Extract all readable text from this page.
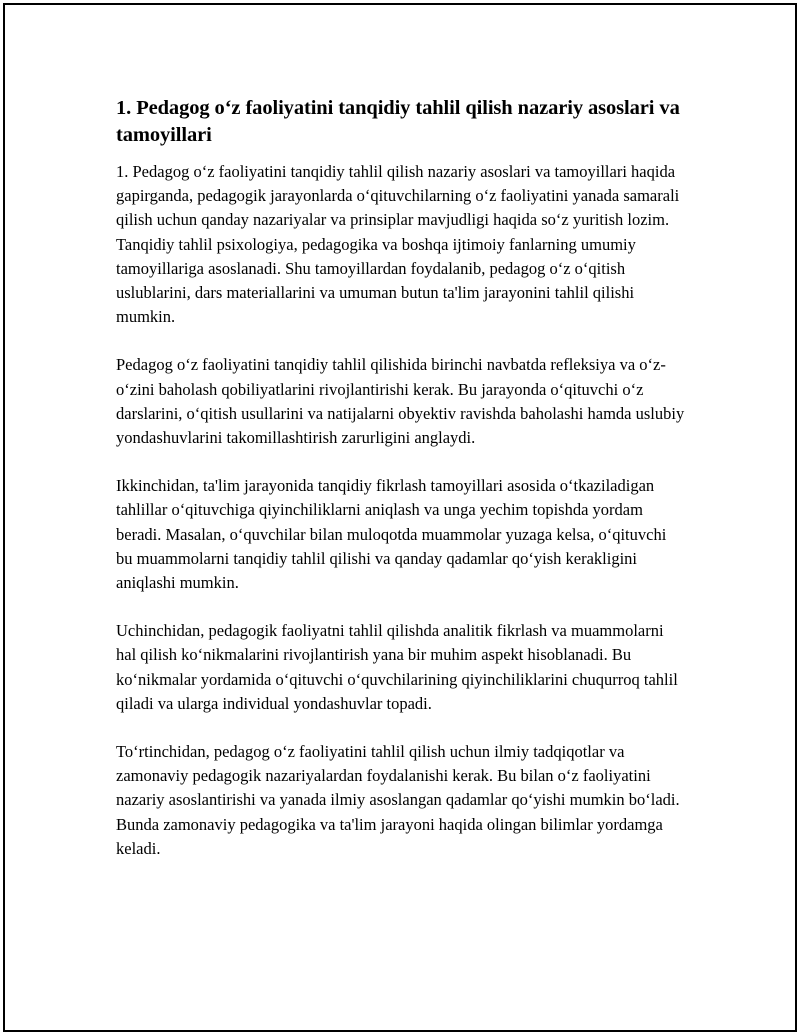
1. Pedagog o‘z faoliyatini tanqidiy tahlil qilish nazariy asoslari va tamoyillari

1. Pedagog o‘z faoliyatini tanqidiy tahlil qilish nazariy asoslari va tamoyillari haqida gapirganda, pedagogik jarayonlarda o‘qituvchilarning o‘z faoliyatini yanada samarali qilish uchun qanday nazariyalar va prinsiplar mavjudligi haqida so‘z yuritish lozim. Tanqidiy tahlil psixologiya, pedagogika va boshqa ijtimoiy fanlarning umumiy tamoyillariga asoslanadi. Shu tamoyillardan foydalanib, pedagog o‘z o‘qitish uslublarini, dars materiallarini va umuman butun ta'lim jarayonini tahlil qilishi mumkin.

Pedagog o‘z faoliyatini tanqidiy tahlil qilishida birinchi navbatda refleksiya va o‘z-o‘zini baholash qobiliyatlarini rivojlantirishi kerak. Bu jarayonda o‘qituvchi o‘z darslarini, o‘qitish usullarini va natijalarni obyektiv ravishda baholashi hamda uslubiy yondashuvlarini takomillashtirish zarurligini anglaydi.

Ikkinchidan, ta'lim jarayonida tanqidiy fikrlash tamoyillari asosida o‘tkaziladigan tahlillar o‘qituvchiga qiyinchiliklarni aniqlash va unga yechim topishda yordam beradi. Masalan, o‘quvchilar bilan muloqotda muammolar yuzaga kelsa, o‘qituvchi bu muammolarni tanqidiy tahlil qilishi va qanday qadamlar qo‘yish kerakligini aniqlashi mumkin.

Uchinchidan, pedagogik faoliyatni tahlil qilishda analitik fikrlash va muammolarni hal qilish ko‘nikmalarini rivojlantirish yana bir muhim aspekt hisoblanadi. Bu ko‘nikmalar yordamida o‘qituvchi o‘quvchilarining qiyinchiliklarini chuqurroq tahlil qiladi va ularga individual yondashuvlar topadi.

To‘rtinchidan, pedagog o‘z faoliyatini tahlil qilish uchun ilmiy tadqiqotlar va zamonaviy pedagogik nazariyalardan foydalanishi kerak. Bu bilan o‘z faoliyatini nazariy asoslantirishi va yanada ilmiy asoslangan qadamlar qo‘yishi mumkin bo‘ladi. Bunda zamonaviy pedagogika va ta'lim jarayoni haqida olingan bilimlar yordamga keladi.
